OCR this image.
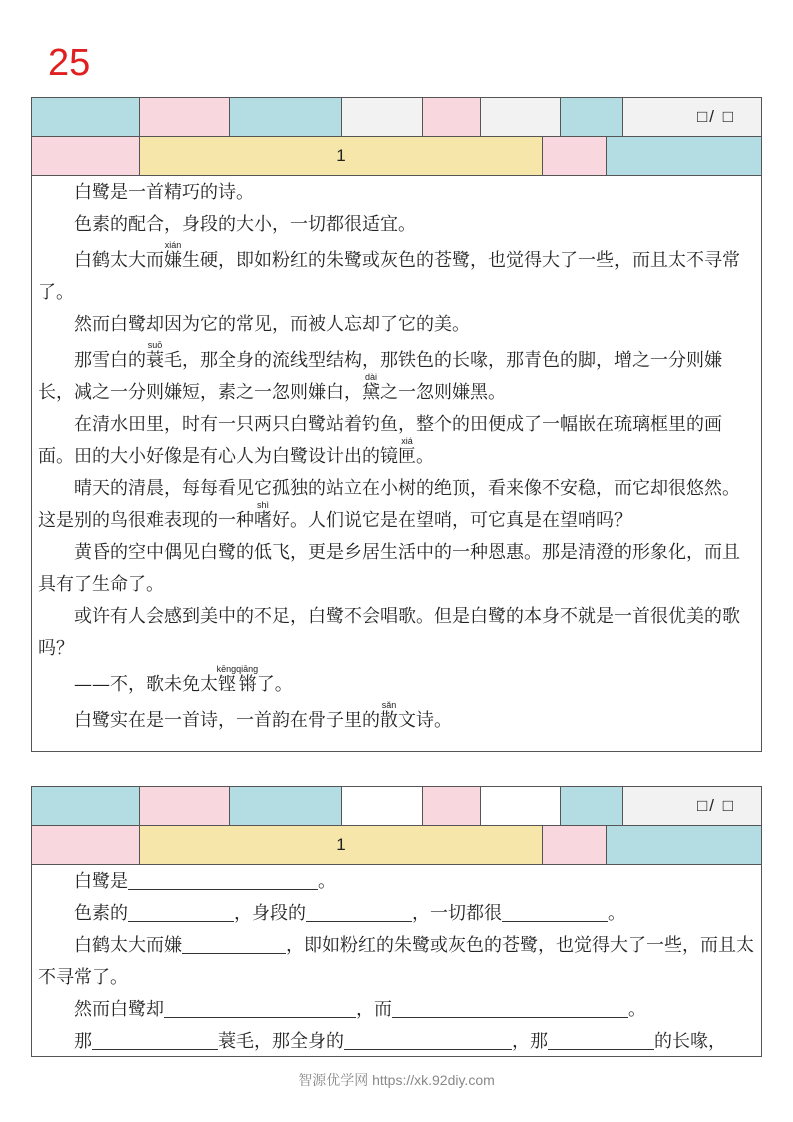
25
□/ □
1

白鹭是一首精巧的诗。

色素的配合，身段的大小，一切都很适宜。

白鹤太大而嫌xián生硬，即如粉红的朱鹭或灰色的苍鹭，也觉得大了一些，而且太不寻常了。

然而白鹭却因为它的常见，而被人忘却了它的美。

那雪白的蓑suō毛，那全身的流线型结构，那铁色的长喙，那青色的脚，增之一分则嫌长，减之一分则嫌短，素之一忽则嫌白，黛dài之一忽则嫌黑。

在清水田里，时有一只两只白鹭站着钓鱼，整个的田便成了一幅嵌在琉璃框里的画面。田的大小好像是有心人为白鹭设计出的镜匣xiá。

晴天的清晨，每每看见它孤独的站立在小树的绝顶，看来像不安稳，而它却很悠然。这是别的鸟很难表现的一种嗜shì好。人们说它是在望哨，可它真是在望哨吗？

黄昏的空中偶见白鹭的低飞，更是乡居生活中的一种恩惠。那是清澄的形象化，而且具有了生命了。

或许有人会感到美中的不足，白鹭不会唱歌。但是白鹭的本身不就是一首很优美的歌吗？

——不，歌未免太铿锵kēngqiāng了。

白鹭实在是一首诗，一首韵在骨子里的散sǎn文诗。

□/ □
1

白鹭是	。

色素的	，身段的	，一切都很	。

白鹤太大而嫌	，即如粉红的朱鹭或灰色的苍鹭，也觉得大了一些，而且太不寻常了。

然而白鹭却	，而	。

那	蓑毛，那全身的	，那	的长喙，

智源优学网 https://xk.92diy.com
